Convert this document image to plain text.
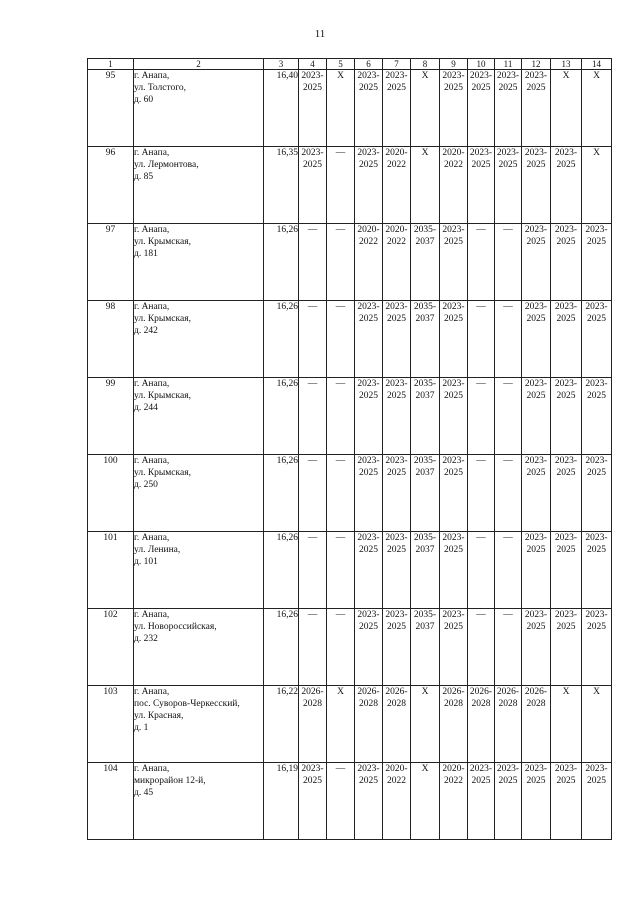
11
1	2	3	4	5	6	7	8	9	10	11	12	13	14
95	г. Анапа,
ул. Толстого,
д. 60	16,40	2023-
2025	X	2023-
2025	2023-
2025	X	2023-
2025	2023-
2025	2023-
2025	2023-
2025	X	X
96	г. Анапа,
ул. Лермонтова,
д. 85	16,35	2023-
2025	—	2023-
2025	2020-
2022	X	2020-
2022	2023-
2025	2023-
2025	2023-
2025	2023-
2025	X
97	г. Анапа,
ул. Крымская,
д. 181	16,26	—	—	2020-
2022	2020-
2022	2035-
2037	2023-
2025	—	—	2023-
2025	2023-
2025	2023-
2025
98	г. Анапа,
ул. Крымская,
д. 242	16,26	—	—	2023-
2025	2023-
2025	2035-
2037	2023-
2025	—	—	2023-
2025	2023-
2025	2023-
2025
99	г. Анапа,
ул. Крымская,
д. 244	16,26	—	—	2023-
2025	2023-
2025	2035-
2037	2023-
2025	—	—	2023-
2025	2023-
2025	2023-
2025
100	г. Анапа,
ул. Крымская,
д. 250	16,26	—	—	2023-
2025	2023-
2025	2035-
2037	2023-
2025	—	—	2023-
2025	2023-
2025	2023-
2025
101	г. Анапа,
ул. Ленина,
д. 101	16,26	—	—	2023-
2025	2023-
2025	2035-
2037	2023-
2025	—	—	2023-
2025	2023-
2025	2023-
2025
102	г. Анапа,
ул. Новороссийская,
д. 232	16,26	—	—	2023-
2025	2023-
2025	2035-
2037	2023-
2025	—	—	2023-
2025	2023-
2025	2023-
2025
103	г. Анапа,
пос. Суворов-Черкесский,
ул. Красная,
д. 1	16,22	2026-
2028	X	2026-
2028	2026-
2028	X	2026-
2028	2026-
2028	2026-
2028	2026-
2028	X	X
104	г. Анапа,
микрорайон 12-й,
д. 45	16,19	2023-
2025	—	2023-
2025	2020-
2022	X	2020-
2022	2023-
2025	2023-
2025	2023-
2025	2023-
2025	2023-
2025
